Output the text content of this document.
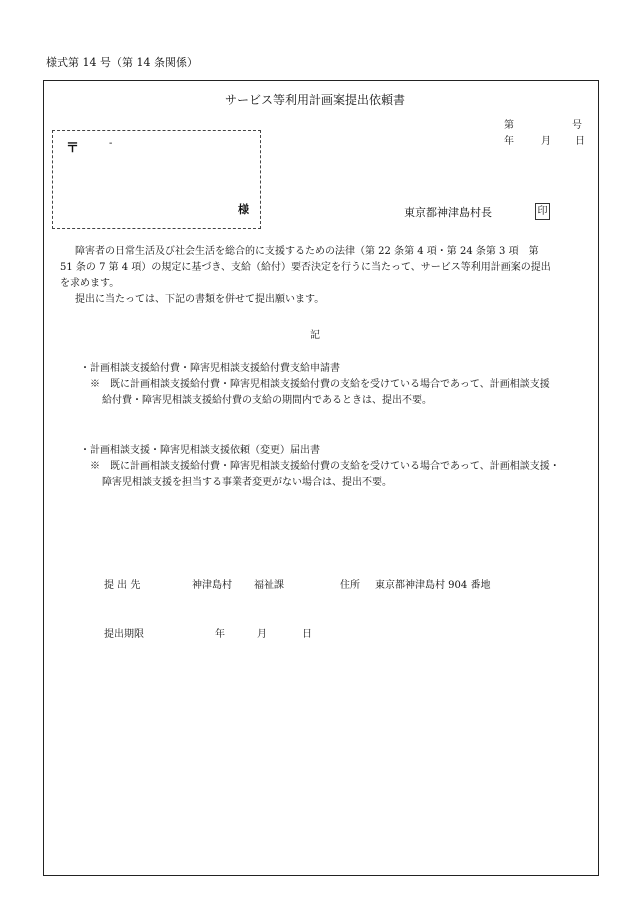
様式第 14 号（第 14 条関係）
サービス等利用計画案提出依頼書
第	号
年	月 日
〒	-
様	東京都神津島村長	印
障害者の日常生活及び社会生活を総合的に支援するための法律（第 22 条第 4 項・第 24 条第 3 項　第
51 条の 7 第 4 項）の規定に基づき、支給（給付）要否決定を行うに当たって、サービス等利用計画案の提出
を求めます。
提出に当たっては、下記の書類を併せて提出願います。
記
・計画相談支援給付費・障害児相談支援給付費支給申請書
※　既に計画相談支援給付費・障害児相談支援給付費の支給を受けている場合であって、計画相談支援
給付費・障害児相談支援給付費の支給の期間内であるときは、提出不要。
・計画相談支援・障害児相談支援依頼（変更）届出書
※　既に計画相談支援給付費・障害児相談支援給付費の支給を受けている場合であって、計画相談支援・
障害児相談支援を担当する事業者変更がない場合は、提出不要。
提 出 先	神津島村 福祉課	住所 東京都神津島村 904 番地
提出期限	年	月	日
